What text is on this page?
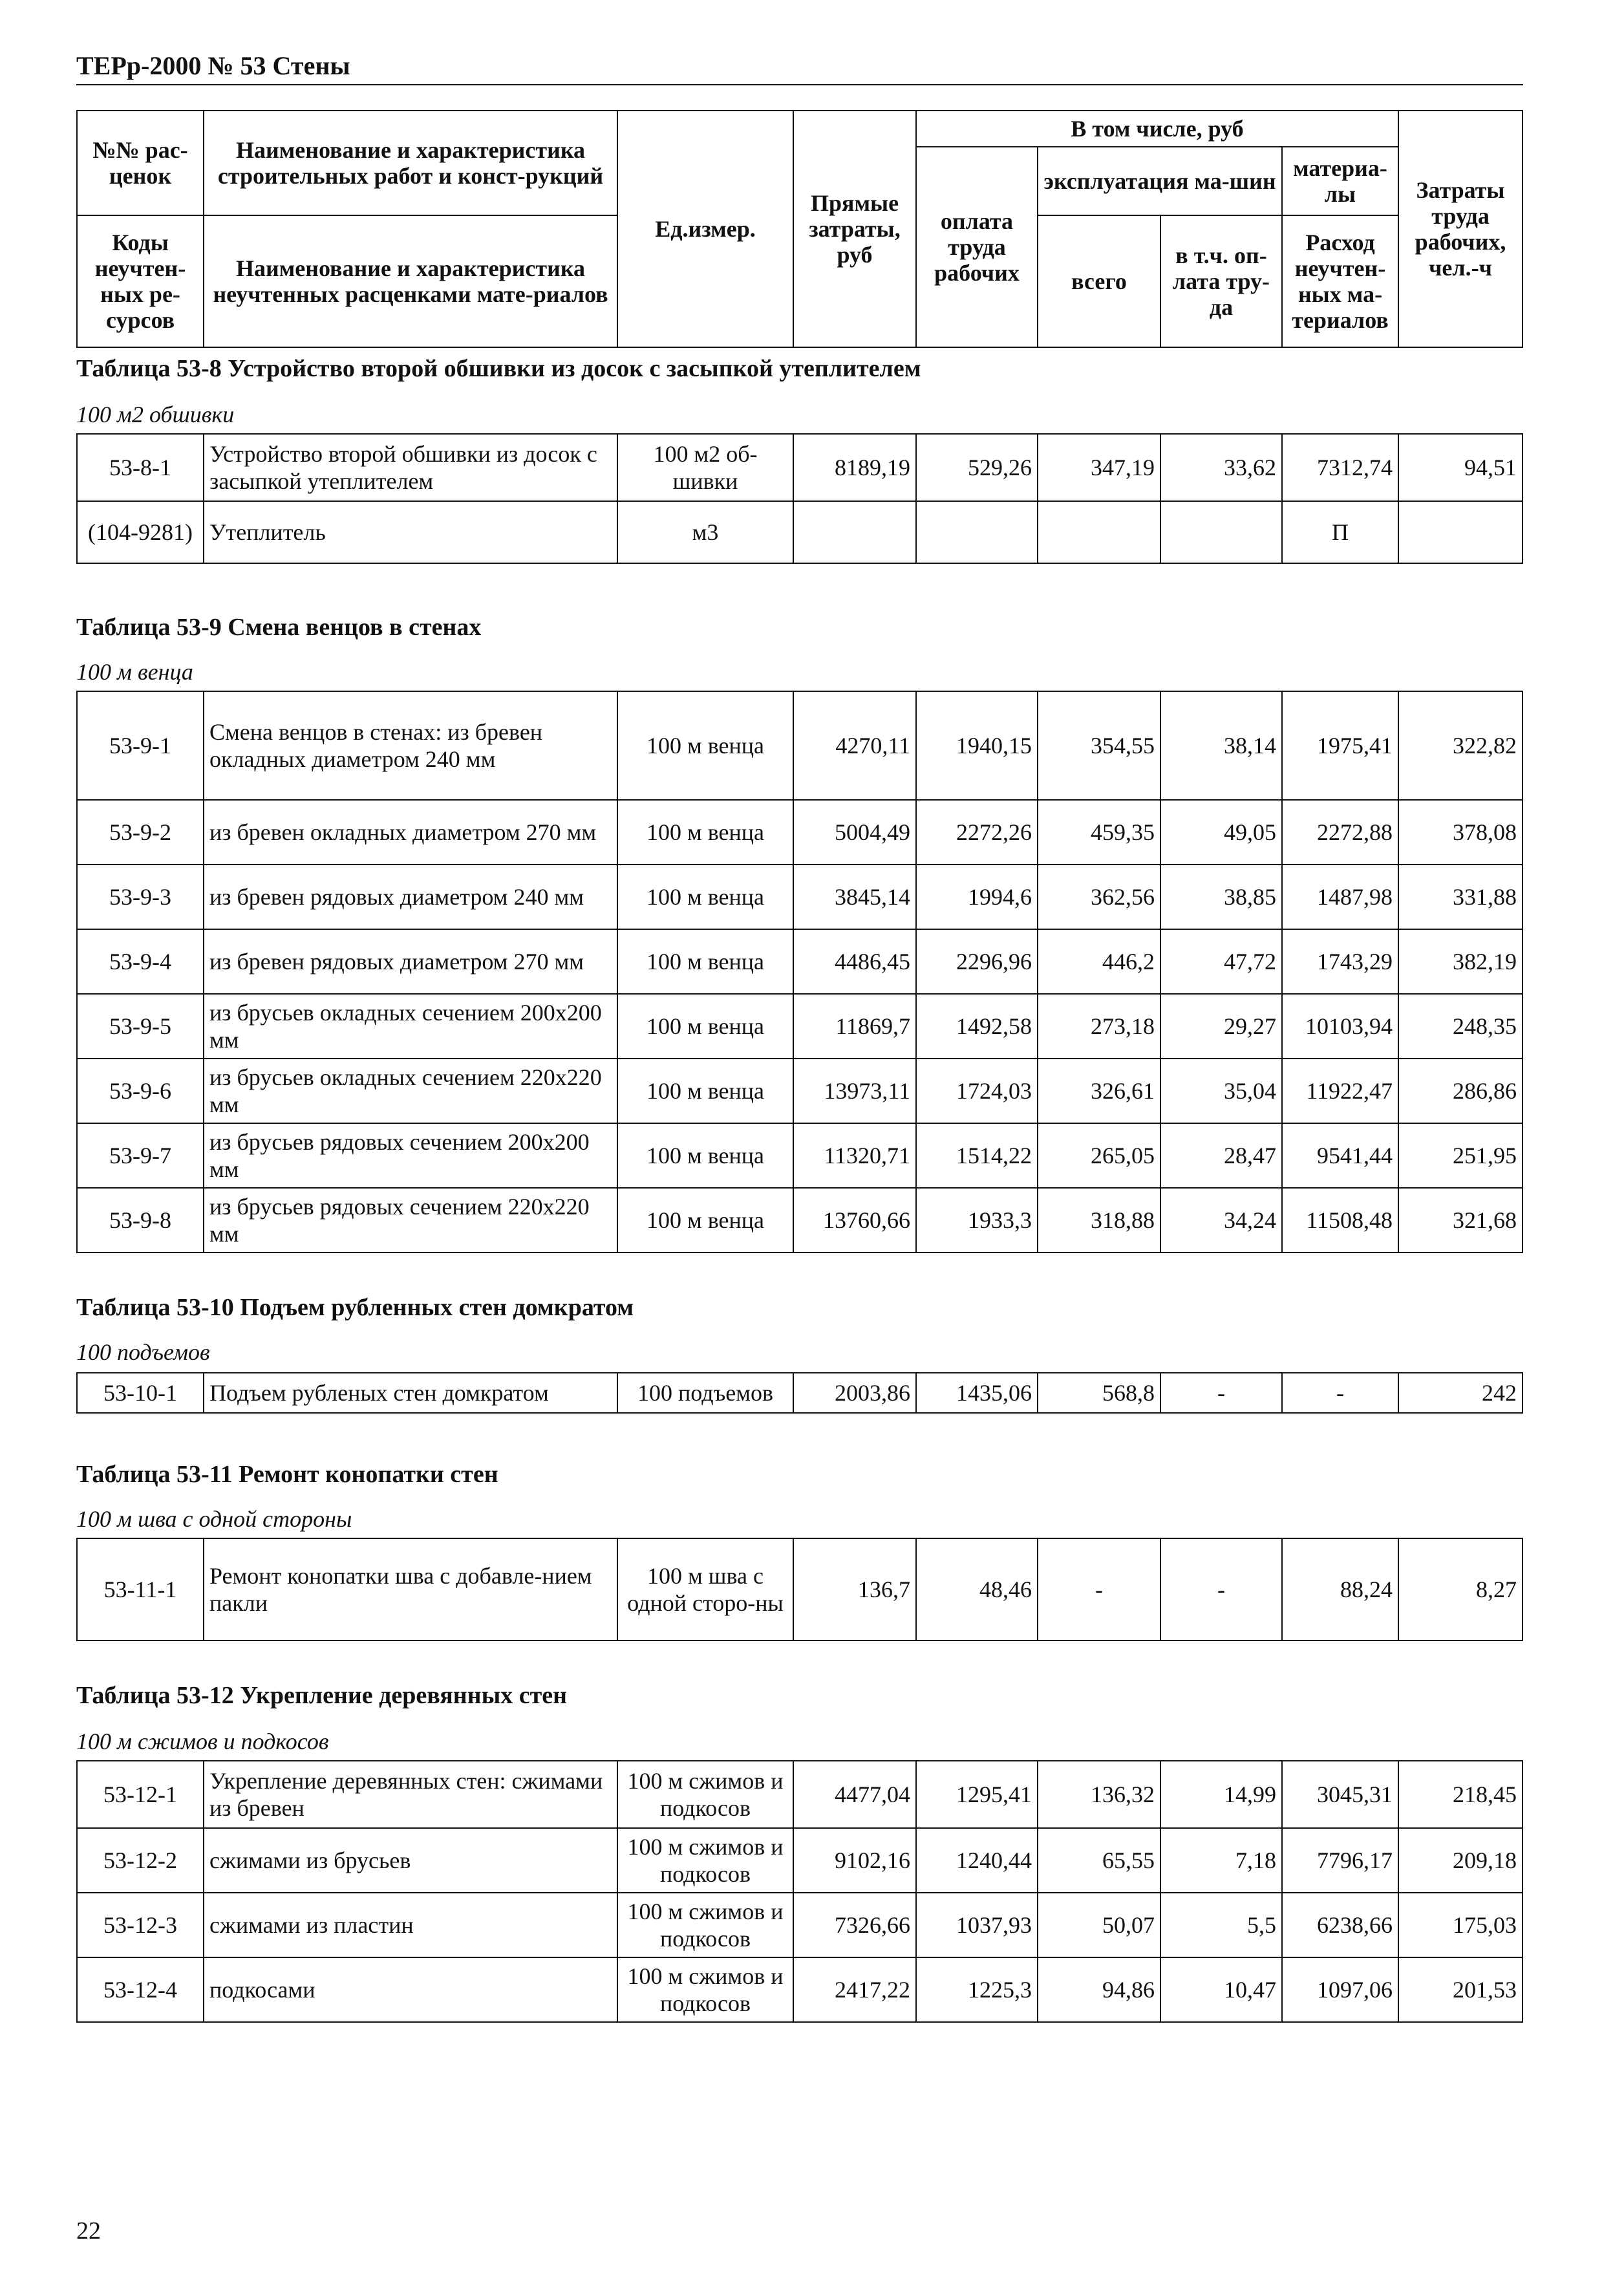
ТЕРр-2000 № 53 Стены
№№ рас-ценок	Наименование и характеристика строительных работ и конст-рукций	Ед.измер.	Прямые затраты, руб	В том числе, руб				Затраты труда рабочих, чел.-ч
				оплата труда рабочих	эксплуатация ма-шин		материа-лы	
Коды неучтен-ных ре-сурсов	Наименование и характеристика неучтенных расценками мате-риалов				всего	в т.ч. оп-лата тру-да	Расход неучтен-ных ма-териалов	
Таблица 53-8 Устройство второй обшивки из досок с засыпкой утеплителем
100 м2 обшивки
53-8-1	Устройство второй обшивки из досок с засыпкой утеплителем	100 м2 об-шивки	8189,19	529,26	347,19	33,62	7312,74	94,51
(104-9281)	Утеплитель	м3					П	
Таблица 53-9 Смена венцов в стенах
100 м венца
53-9-1	Смена венцов в стенах: из бревен окладных диаметром 240 мм	100 м венца	4270,11	1940,15	354,55	38,14	1975,41	322,82
53-9-2	из бревен окладных диаметром 270 мм	100 м венца	5004,49	2272,26	459,35	49,05	2272,88	378,08
53-9-3	из бревен рядовых диаметром 240 мм	100 м венца	3845,14	1994,6	362,56	38,85	1487,98	331,88
53-9-4	из бревен рядовых диаметром 270 мм	100 м венца	4486,45	2296,96	446,2	47,72	1743,29	382,19
53-9-5	из брусьев окладных сечением 200х200 мм	100 м венца	11869,7	1492,58	273,18	29,27	10103,94	248,35
53-9-6	из брусьев окладных сечением 220х220 мм	100 м венца	13973,11	1724,03	326,61	35,04	11922,47	286,86
53-9-7	из брусьев рядовых сечением 200х200 мм	100 м венца	11320,71	1514,22	265,05	28,47	9541,44	251,95
53-9-8	из брусьев рядовых сечением 220х220 мм	100 м венца	13760,66	1933,3	318,88	34,24	11508,48	321,68
Таблица 53-10 Подъем рубленных стен домкратом
100 подъемов
53-10-1	Подъем рубленых стен домкратом	100 подъемов	2003,86	1435,06	568,8	-	-	242
Таблица 53-11 Ремонт конопатки стен
100 м шва с одной стороны
53-11-1	Ремонт конопатки шва с добавле-нием пакли	100 м шва с одной сторо-ны	136,7	48,46	-	-	88,24	8,27
Таблица 53-12 Укрепление деревянных стен
100 м сжимов и подкосов
53-12-1	Укрепление деревянных стен: сжимами из бревен	100 м сжимов и подкосов	4477,04	1295,41	136,32	14,99	3045,31	218,45
53-12-2	сжимами из брусьев	100 м сжимов и подкосов	9102,16	1240,44	65,55	7,18	7796,17	209,18
53-12-3	сжимами из пластин	100 м сжимов и подкосов	7326,66	1037,93	50,07	5,5	6238,66	175,03
53-12-4	подкосами	100 м сжимов и подкосов	2417,22	1225,3	94,86	10,47	1097,06	201,53
22
